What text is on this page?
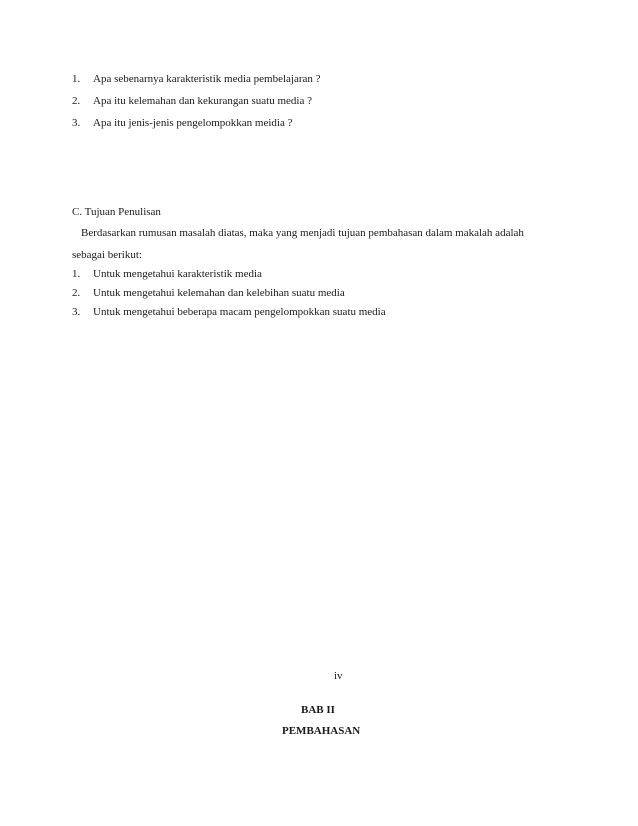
1. Apa sebenarnya karakteristik media pembelajaran ?
2. Apa itu kelemahan dan kekurangan suatu media ?
3. Apa itu jenis-jenis pengelompokkan meidia ?
C. Tujuan Penulisan
Berdasarkan rumusan masalah diatas, maka yang menjadi tujuan pembahasan dalam makalah adalah
sebagai berikut:
1. Untuk mengetahui karakteristik media
2. Untuk mengetahui kelemahan dan kelebihan suatu media
3. Untuk mengetahui beberapa macam pengelompokkan suatu media
iv
BAB II
PEMBAHASAN
